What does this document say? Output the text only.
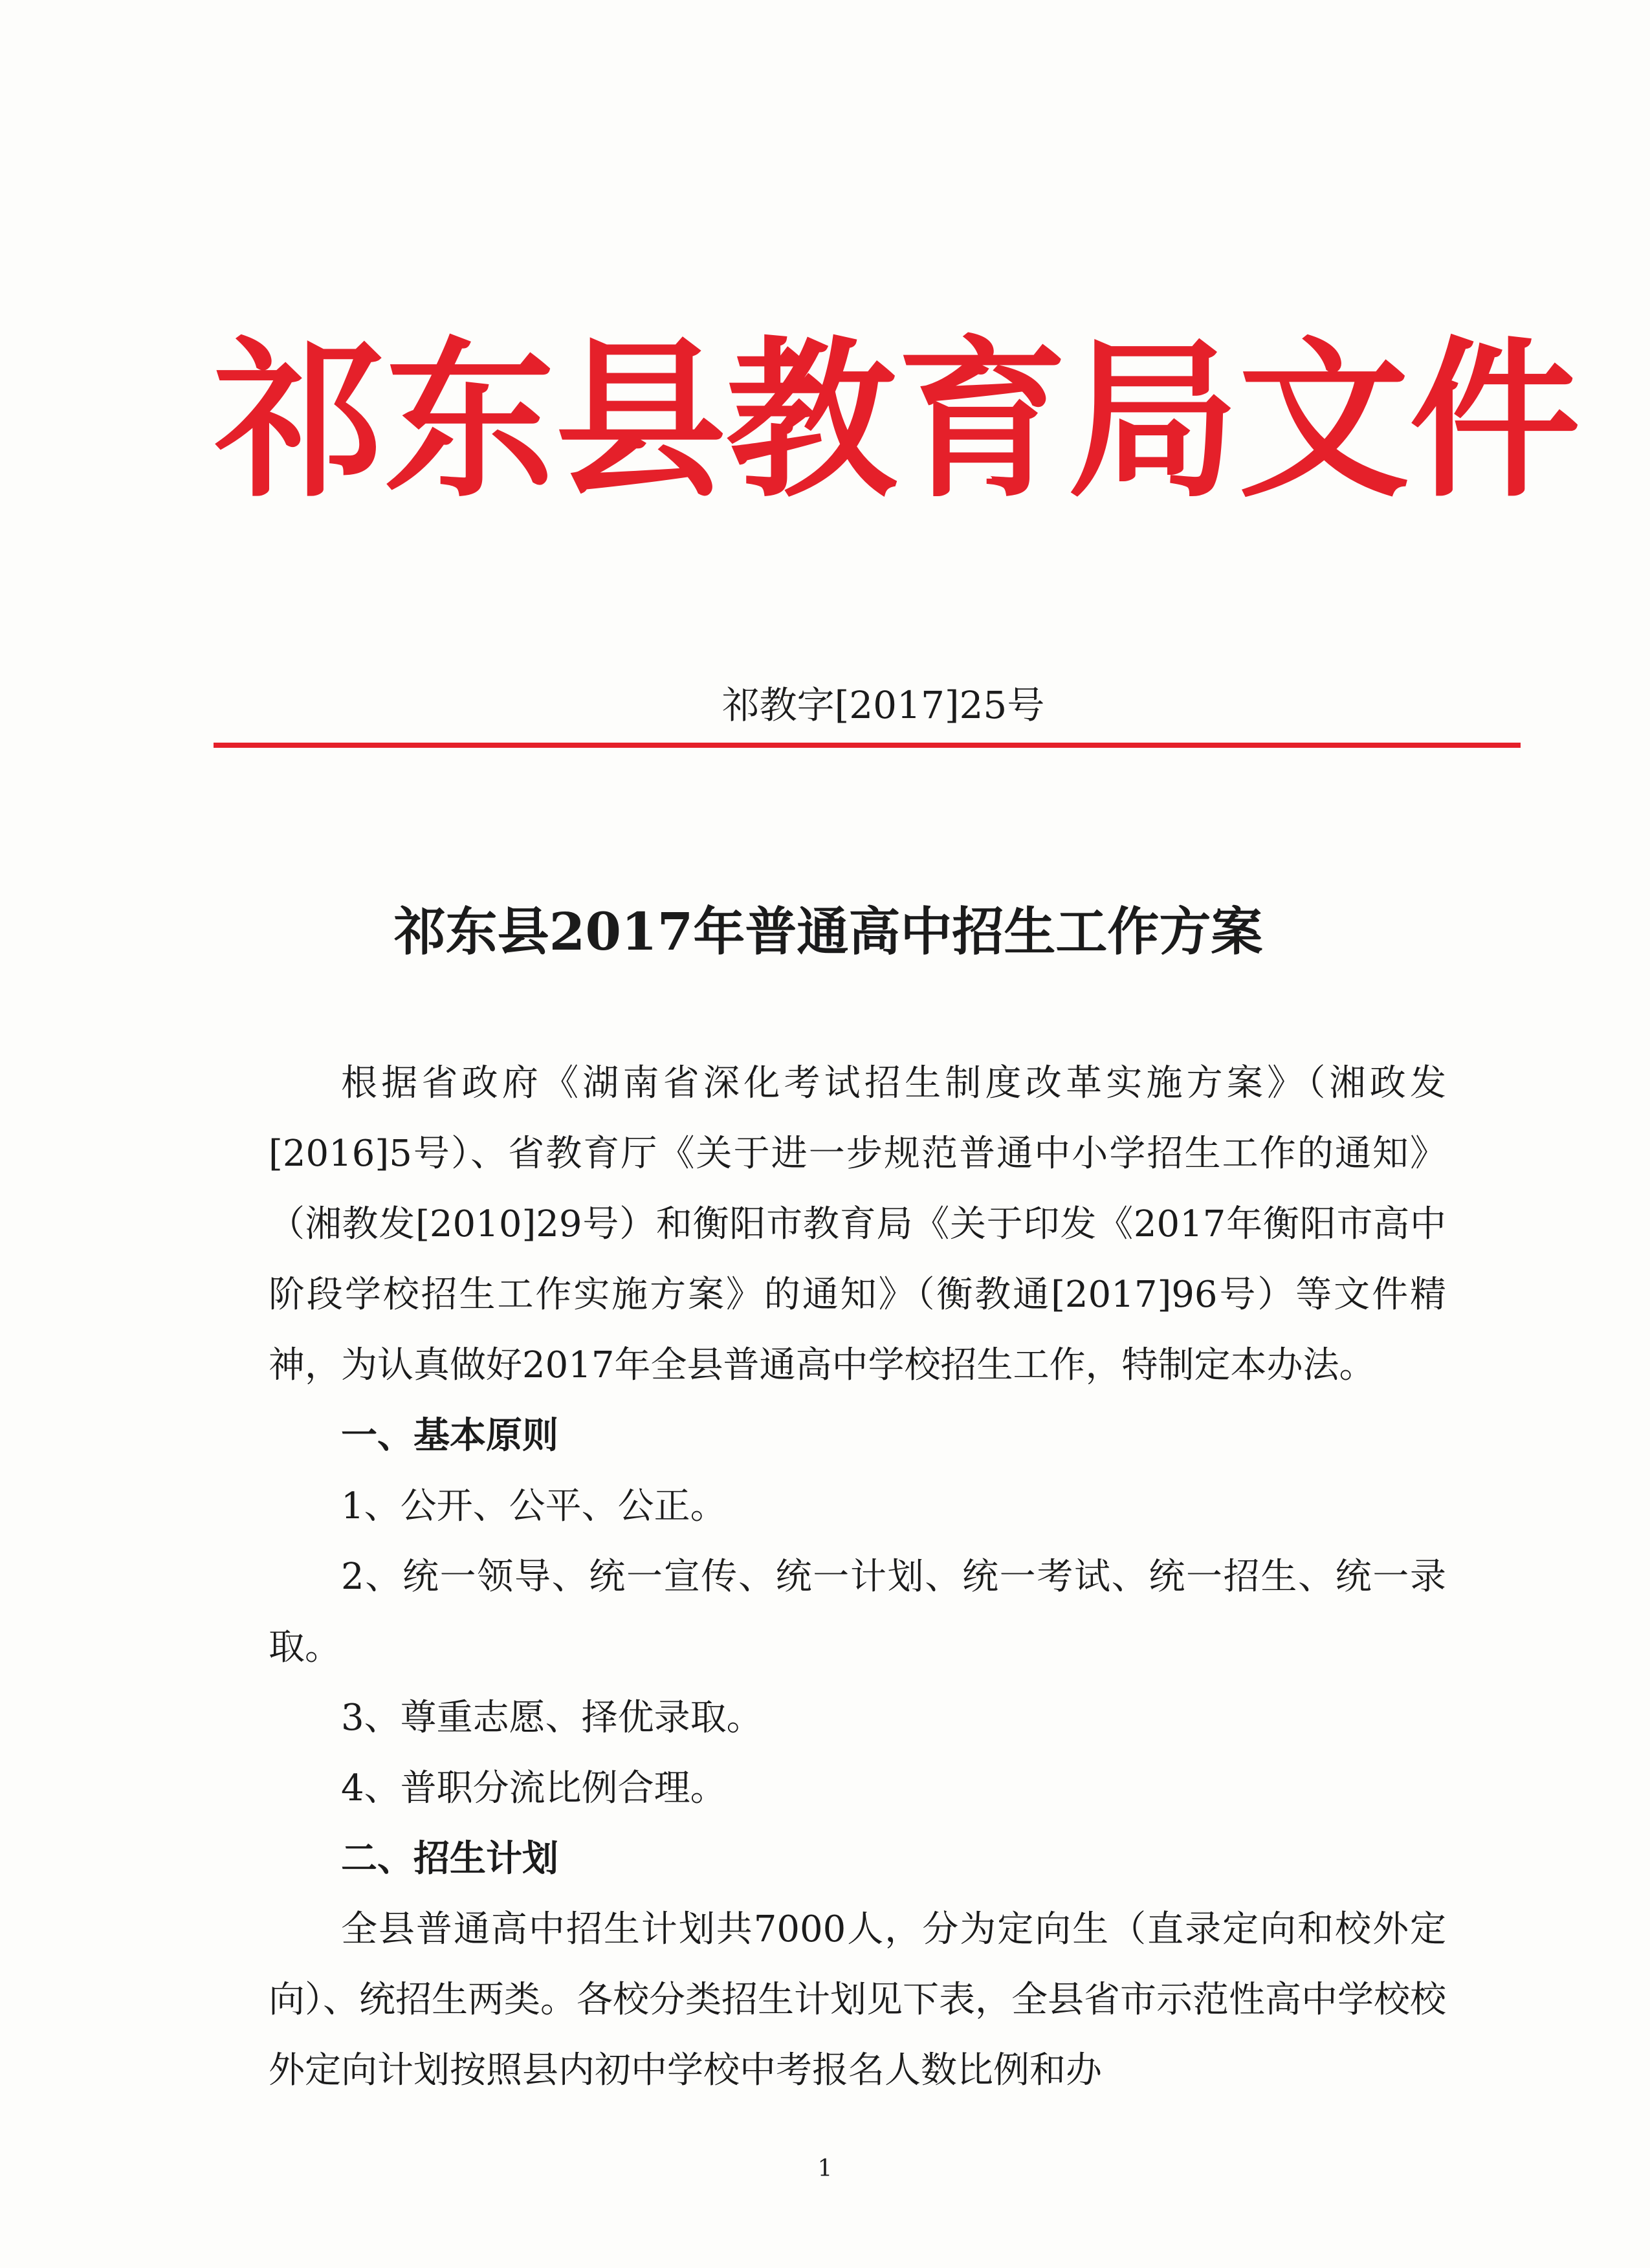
祁东县教育局文件
祁教字[2017]25号
祁东县2017年普通高中招生工作方案

根据省政府《湖南省深化考试招生制度改革实施方案》（湘政发[2016]5号）、省教育厅《关于进一步规范普通中小学招生工作的通知》（湘教发[2010]29号）和衡阳市教育局《关于印发《2017年衡阳市高中阶段学校招生工作实施方案》的通知》（衡教通[2017]96号）等文件精神，为认真做好2017年全县普通高中学校招生工作，特制定本办法。

一、基本原则

1、公开、公平、公正。

2、统一领导、统一宣传、统一计划、统一考试、统一招生、统一录取。

3、尊重志愿、择优录取。

4、普职分流比例合理。

二、招生计划

全县普通高中招生计划共7000人，分为定向生（直录定向和校外定向）、统招生两类。各校分类招生计划见下表，全县省市示范性高中学校校外定向计划按照县内初中学校中考报名人数比例和办

1
